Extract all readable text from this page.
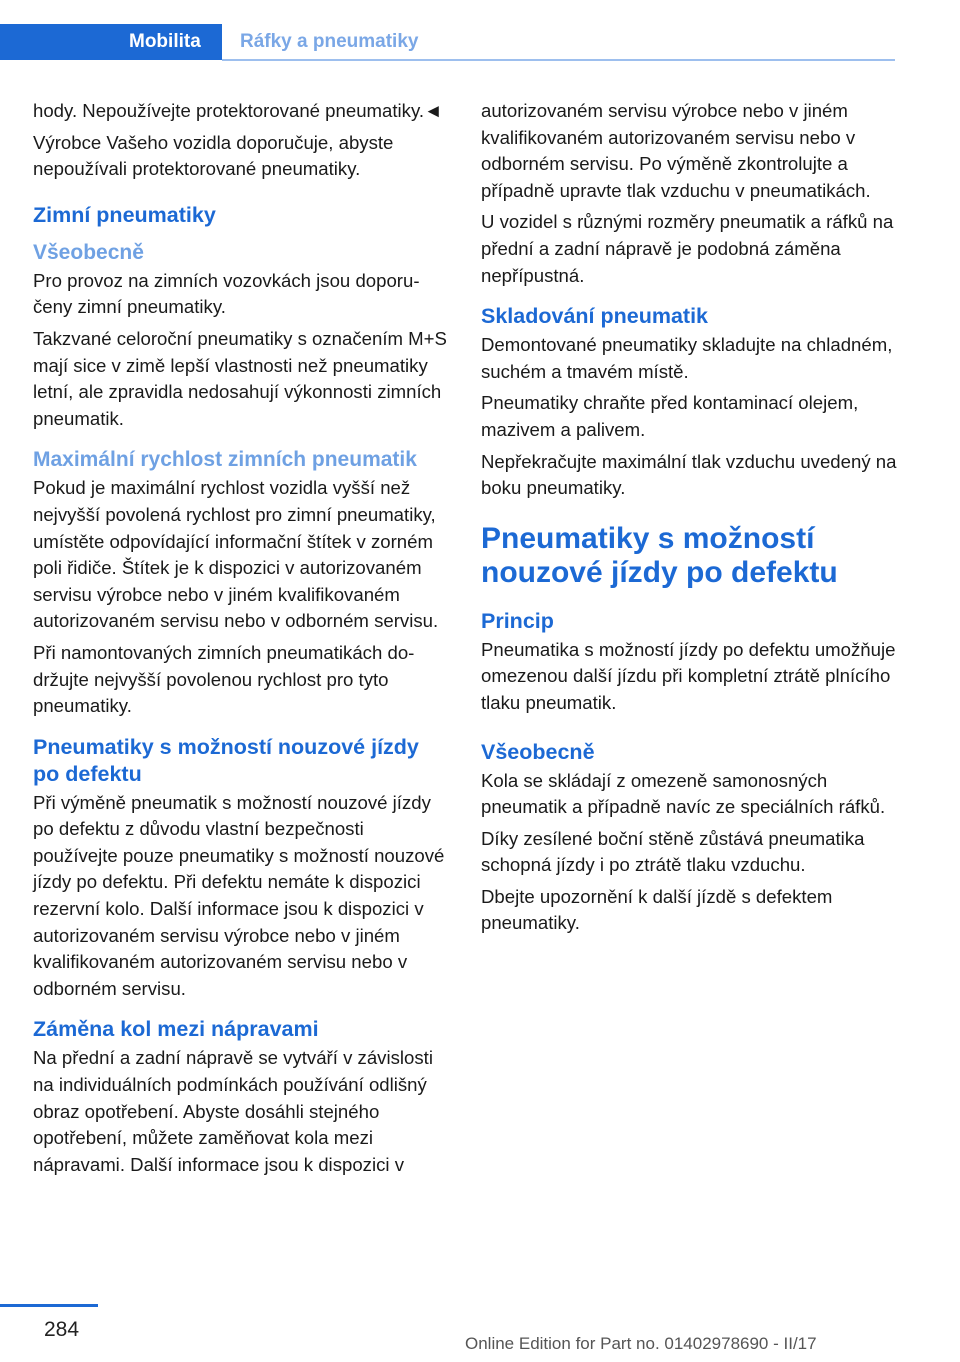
Mobilita	Ráfky a pneumatiky

hody. Nepoužívejte protektorované pneumatiky.◄

Výrobce Vašeho vozidla doporučuje, abyste nepoužívali protektorované pneumatiky.

Zimní pneumatiky
Všeobecně

Pro provoz na zimních vozovkách jsou doporučeny zimní pneumatiky.

Takzvané celoroční pneumatiky s označením M+S mají sice v zimě lepší vlastnosti než pneumatiky letní, ale zpravidla nedosahují výkonnosti zimních pneumatik.

Maximální rychlost zimních pneumatik

Pokud je maximální rychlost vozidla vyšší než nejvyšší povolená rychlost pro zimní pneumatiky, umístěte odpovídající informační štítek v zorném poli řidiče. Štítek je k dispozici v autorizovaném servisu výrobce nebo v jiném kvalifikovaném autorizovaném servisu nebo v odborném servisu.

Při namontovaných zimních pneumatikách dodržujte nejvyšší povolenou rychlost pro tyto pneumatiky.

Pneumatiky s možností nouzové jízdy po defektu

Při výměně pneumatik s možností nouzové jízdy po defektu z důvodu vlastní bezpečnosti používejte pouze pneumatiky s možností nouzové jízdy po defektu. Při defektu nemáte k dispozici rezervní kolo. Další informace jsou k dispozici v autorizovaném servisu výrobce nebo v jiném kvalifikovaném autorizovaném servisu nebo v odborném servisu.

Záměna kol mezi nápravami

Na přední a zadní nápravě se vytváří v závislosti na individuálních podmínkách používání odlišný obraz opotřebení. Abyste dosáhli stejného opotřebení, můžete zaměňovat kola mezi nápravami. Další informace jsou k dispozici v

autorizovaném servisu výrobce nebo v jiném kvalifikovaném autorizovaném servisu nebo v odborném servisu. Po výměně zkontrolujte a případně upravte tlak vzduchu v pneumatikách.

U vozidel s různými rozměry pneumatik a ráfků na přední a zadní nápravě je podobná záměna nepřípustná.

Skladování pneumatik

Demontované pneumatiky skladujte na chladném, suchém a tmavém místě.

Pneumatiky chraňte před kontaminací olejem, mazivem a palivem.

Nepřekračujte maximální tlak vzduchu uvedený na boku pneumatiky.

Pneumatiky s možností nouzové jízdy po defektu
Princip

Pneumatika s možností jízdy po defektu umožňuje omezenou další jízdu při kompletní ztrátě plnícího tlaku pneumatik.

Všeobecně

Kola se skládají z omezeně samonosných pneumatik a případně navíc ze speciálních ráfků.

Díky zesílené boční stěně zůstává pneumatika schopná jízdy i po ztrátě tlaku vzduchu.

Dbejte upozornění k další jízdě s defektem pneumatiky.

284
Online Edition for Part no. 01402978690 - II/17
